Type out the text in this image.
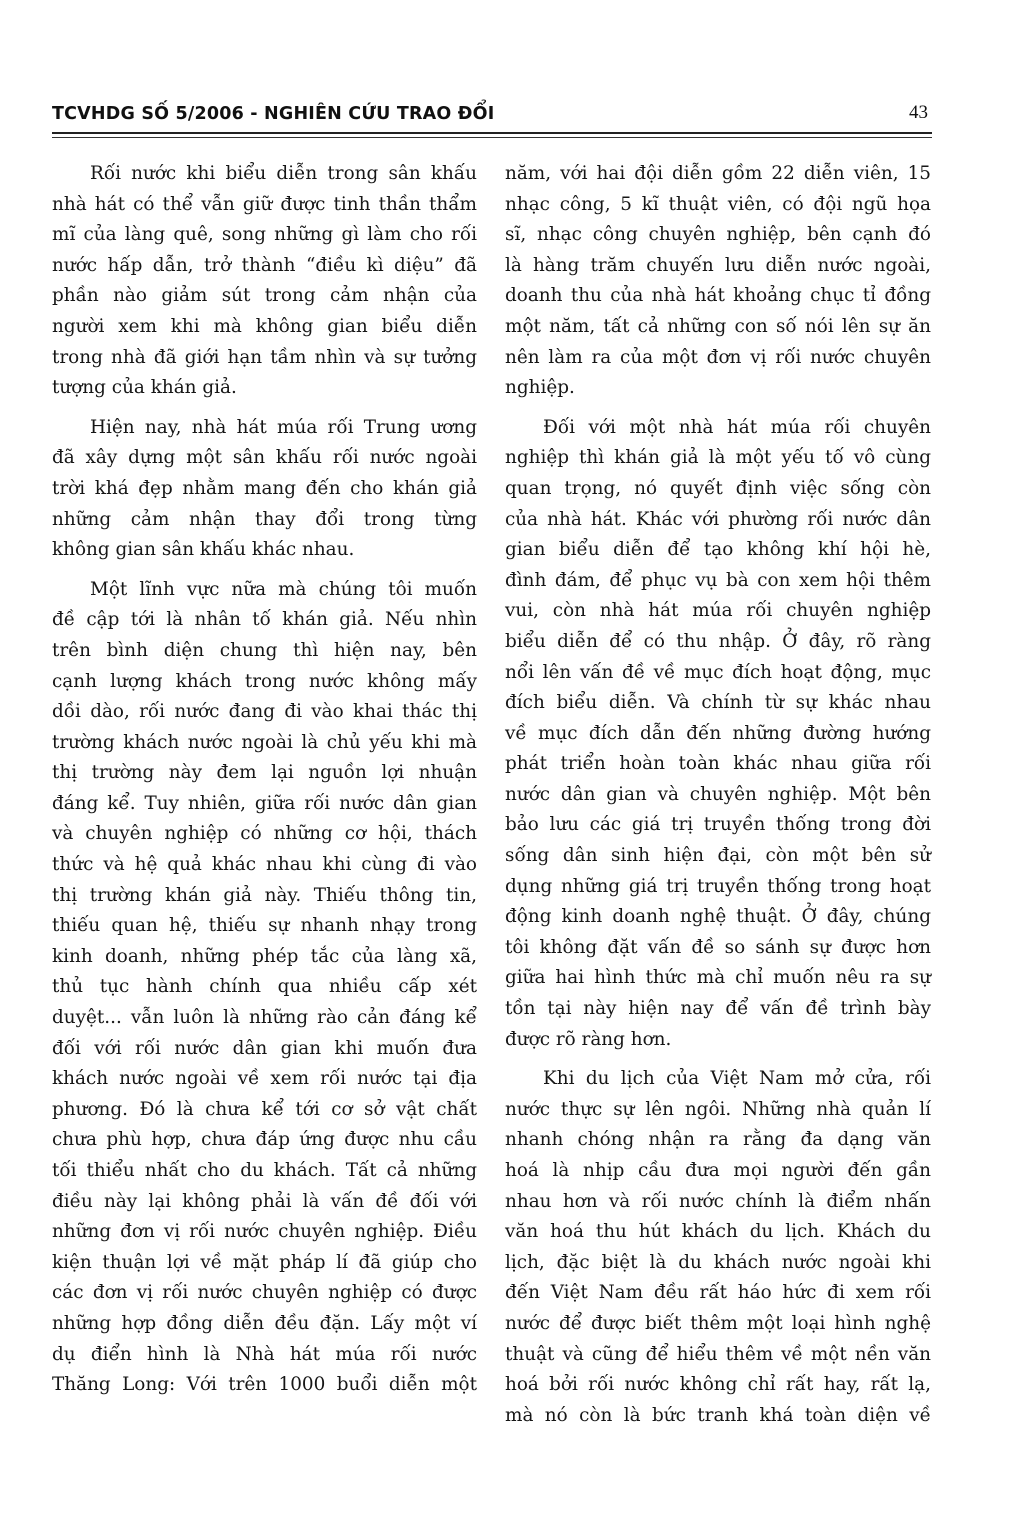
TCVHDG SỐ 5/2006 - NGHIÊN CỨU TRAO ĐỔI	43
Rối nước khi biểu diễn trong sân khấu
nhà hát có thể vẫn giữ được tinh thần thẩm
mĩ của làng quê, song những gì làm cho rối
nước hấp dẫn, trở thành “điều kì diệu” đã
phần nào giảm sút trong cảm nhận của
người xem khi mà không gian biểu diễn
trong nhà đã giới hạn tầm nhìn và sự tưởng
tượng của khán giả.
Hiện nay, nhà hát múa rối Trung ương
đã xây dựng một sân khấu rối nước ngoài
trời khá đẹp nhằm mang đến cho khán giả
những cảm nhận thay đổi trong từng
không gian sân khấu khác nhau.
Một lĩnh vực nữa mà chúng tôi muốn
đề cập tới là nhân tố khán giả. Nếu nhìn
trên bình diện chung thì hiện nay, bên
cạnh lượng khách trong nước không mấy
dồi dào, rối nước đang đi vào khai thác thị
trường khách nước ngoài là chủ yếu khi mà
thị trường này đem lại nguồn lợi nhuận
đáng kể. Tuy nhiên, giữa rối nước dân gian
và chuyên nghiệp có những cơ hội, thách
thức và hệ quả khác nhau khi cùng đi vào
thị trường khán giả này. Thiếu thông tin,
thiếu quan hệ, thiếu sự nhanh nhạy trong
kinh doanh, những phép tắc của làng xã,
thủ tục hành chính qua nhiều cấp xét
duyệt... vẫn luôn là những rào cản đáng kể
đối với rối nước dân gian khi muốn đưa
khách nước ngoài về xem rối nước tại địa
phương. Đó là chưa kể tới cơ sở vật chất
chưa phù hợp, chưa đáp ứng được nhu cầu
tối thiểu nhất cho du khách. Tất cả những
điều này lại không phải là vấn đề đối với
những đơn vị rối nước chuyên nghiệp. Điều
kiện thuận lợi về mặt pháp lí đã giúp cho
các đơn vị rối nước chuyên nghiệp có được
những hợp đồng diễn đều đặn. Lấy một ví
dụ điển hình là Nhà hát múa rối nước
Thăng Long: Với trên 1000 buổi diễn một
năm, với hai đội diễn gồm 22 diễn viên, 15
nhạc công, 5 kĩ thuật viên, có đội ngũ họa
sĩ, nhạc công chuyên nghiệp, bên cạnh đó
là hàng trăm chuyến lưu diễn nước ngoài,
doanh thu của nhà hát khoảng chục tỉ đồng
một năm, tất cả những con số nói lên sự ăn
nên làm ra của một đơn vị rối nước chuyên
nghiệp.
Đối với một nhà hát múa rối chuyên
nghiệp thì khán giả là một yếu tố vô cùng
quan trọng, nó quyết định việc sống còn
của nhà hát. Khác với phường rối nước dân
gian biểu diễn để tạo không khí hội hè,
đình đám, để phục vụ bà con xem hội thêm
vui, còn nhà hát múa rối chuyên nghiệp
biểu diễn để có thu nhập. Ở đây, rõ ràng
nổi lên vấn đề về mục đích hoạt động, mục
đích biểu diễn. Và chính từ sự khác nhau
về mục đích dẫn đến những đường hướng
phát triển hoàn toàn khác nhau giữa rối
nước dân gian và chuyên nghiệp. Một bên
bảo lưu các giá trị truyền thống trong đời
sống dân sinh hiện đại, còn một bên sử
dụng những giá trị truyền thống trong hoạt
động kinh doanh nghệ thuật. Ở đây, chúng
tôi không đặt vấn đề so sánh sự được hơn
giữa hai hình thức mà chỉ muốn nêu ra sự
tồn tại này hiện nay để vấn đề trình bày
được rõ ràng hơn.
Khi du lịch của Việt Nam mở cửa, rối
nước thực sự lên ngôi. Những nhà quản lí
nhanh chóng nhận ra rằng đa dạng văn
hoá là nhịp cầu đưa mọi người đến gần
nhau hơn và rối nước chính là điểm nhấn
văn hoá thu hút khách du lịch. Khách du
lịch, đặc biệt là du khách nước ngoài khi
đến Việt Nam đều rất háo hức đi xem rối
nước để được biết thêm một loại hình nghệ
thuật và cũng để hiểu thêm về một nền văn
hoá bởi rối nước không chỉ rất hay, rất lạ,
mà nó còn là bức tranh khá toàn diện về
